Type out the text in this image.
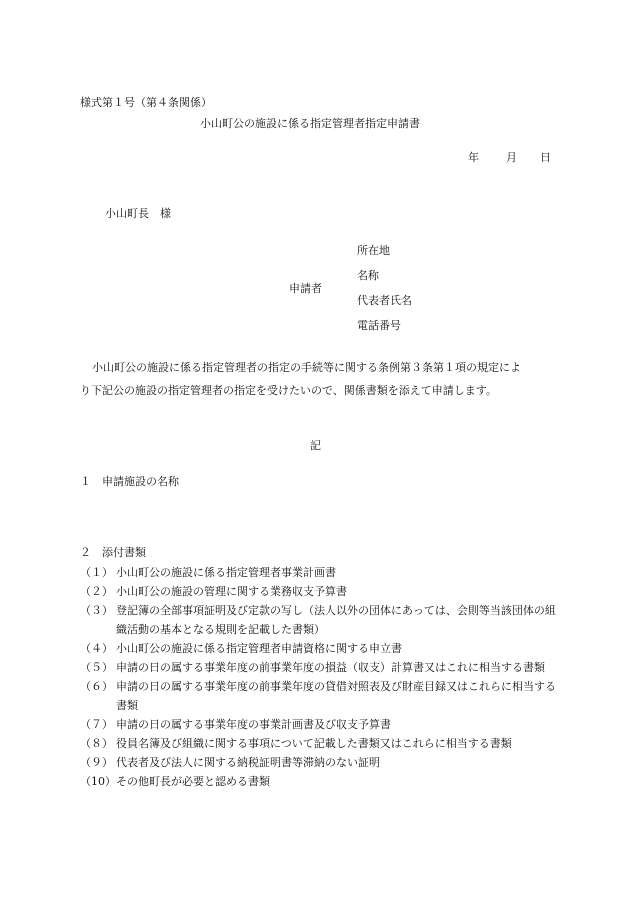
様式第１号（第４条関係）
小山町公の施設に係る指定管理者指定申請書
年 月 日
小山町長　様
申請者
所在地
名称
代表者氏名
電話番号
小山町公の施設に係る指定管理者の指定の手続等に関する条例第３条第１項の規定によ
り下記公の施設の指定管理者の指定を受けたいので、関係書類を添えて申請します。
記
１　申請施設の名称
２　添付書類
（１） 小山町公の施設に係る指定管理者事業計画書
（２） 小山町公の施設の管理に関する業務収支予算書
（３） 登記簿の全部事項証明及び定款の写し（法人以外の団体にあっては、会則等当該団体の組織活動の基本となる規則を記載した書類）
（４） 小山町公の施設に係る指定管理者申請資格に関する申立書
（５） 申請の日の属する事業年度の前事業年度の損益（収支）計算書又はこれに相当する書類
（６） 申請の日の属する事業年度の前事業年度の貸借対照表及び財産目録又はこれらに相当する書類
（７） 申請の日の属する事業年度の事業計画書及び収支予算書
（８） 役員名簿及び組織に関する事項について記載した書類又はこれらに相当する書類
（９） 代表者及び法人に関する納税証明書等滞納のない証明
（10） その他町長が必要と認める書類
